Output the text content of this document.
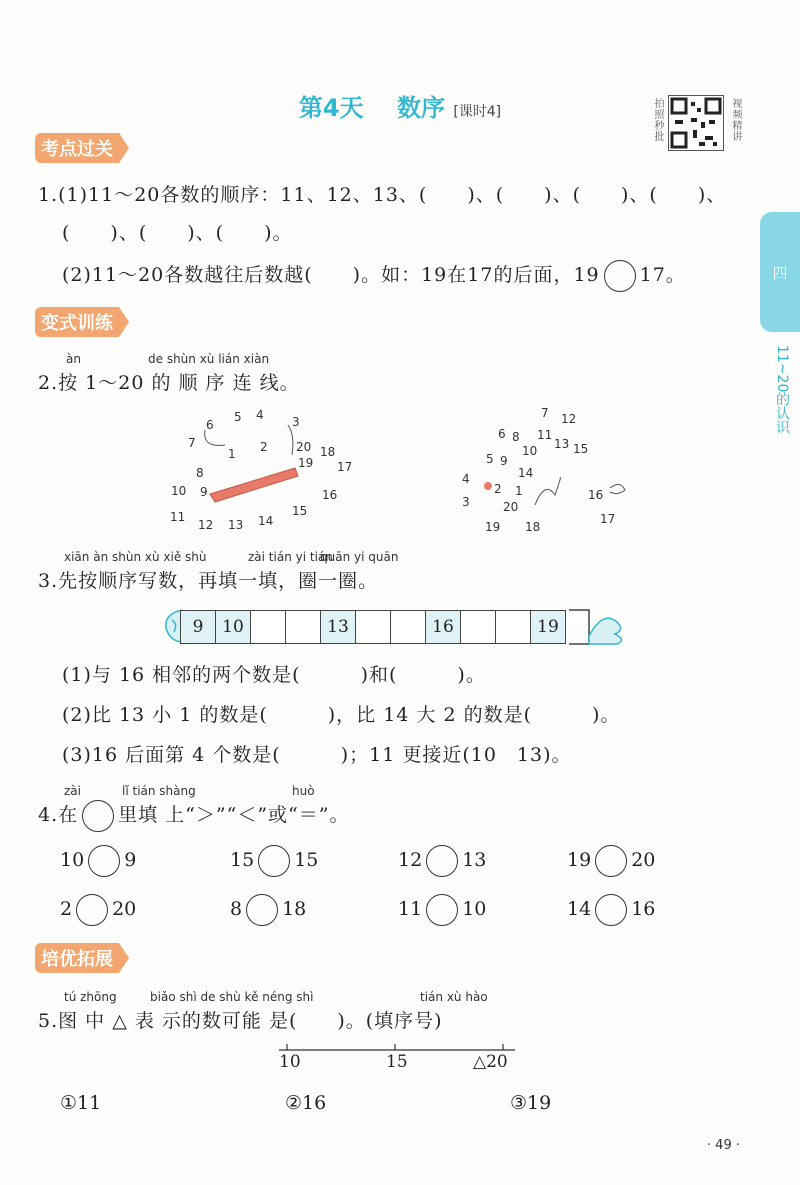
第4天 数序 [课时4]	拍照秒批	视频精讲
四
11~20的认识
考点过关
1.(1)11～20各数的顺序：11、12、13、(　　)、(　　)、(　　)、(　　)、
(　　)、(　　)、(　　)。
(2)11～20各数越往后数越(　　)。如：19在17的后面，19 17。
变式训练
àn	de shùn xù lián xiàn
2.按 1～20 的 顺 序 连 线。
6
5 4 3
7
1 2 20 18
8
19 17
10 9	16
11
12 13 14
15
7 12
6 8 11
13
10	15
5 9
14
4
2 1
3	20
16
19 18
17
xiān àn shùn xù xiě shù	zài tián yi tián
quān yi quān
3.先按顺序写数，再填一填，圈一圈。
9	10	13	16	19
(1)与 16 相邻的两个数是(　　　)和(　　　)。
(2)比 13 小 1 的数是(　　　)，比 14 大 2 的数是(　　　)。
(3)16 后面第 4 个数是(　　　)；11 更接近(10　13)。
zài	lǐ tián shàng	huò
4.在 里填 上“＞”“＜”或“＝”。
10 9	15 15	12 13	19 20
2 20	8 18	11 10	14 16
培优拓展
tú zhōng	biǎo shì de shù kě néng shì	tián xù hào
5.图 中 △ 表 示的数可能 是(　　)。(填序号)
10	15	△20
①11	②16	③19
· 49 ·
